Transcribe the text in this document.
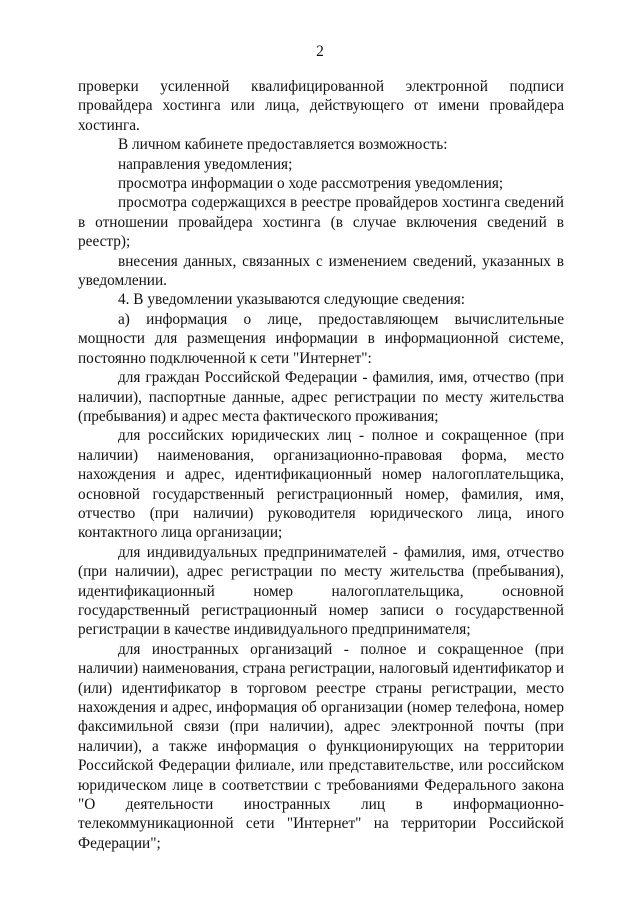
2

проверки усиленной квалифицированной электронной подписи провайдера хостинга или лица, действующего от имени провайдера хостинга.

В личном кабинете предоставляется возможность:

направления уведомления;

просмотра информации о ходе рассмотрения уведомления;

просмотра содержащихся в реестре провайдеров хостинга сведений в отношении провайдера хостинга (в случае включения сведений в реестр);

внесения данных, связанных с изменением сведений, указанных в уведомлении.

4. В уведомлении указываются следующие сведения:

а) информация о лице, предоставляющем вычислительные мощности для размещения информации в информационной системе, постоянно подключенной к сети "Интернет":

для граждан Российской Федерации - фамилия, имя, отчество (при наличии), паспортные данные, адрес регистрации по месту жительства (пребывания) и адрес места фактического проживания;

для российских юридических лиц - полное и сокращенное (при наличии) наименования, организационно-правовая форма, место нахождения и адрес, идентификационный номер налогоплательщика, основной государственный регистрационный номер, фамилия, имя, отчество (при наличии) руководителя юридического лица, иного контактного лица организации;

для индивидуальных предпринимателей - фамилия, имя, отчество (при наличии), адрес регистрации по месту жительства (пребывания), идентификационный номер налогоплательщика, основной государственный регистрационный номер записи о государственной регистрации в качестве индивидуального предпринимателя;

для иностранных организаций - полное и сокращенное (при наличии) наименования, страна регистрации, налоговый идентификатор и (или) идентификатор в торговом реестре страны регистрации, место нахождения и адрес, информация об организации (номер телефона, номер факсимильной связи (при наличии), адрес электронной почты (при наличии), а также информация о функционирующих на территории Российской Федерации филиале, или представительстве, или российском юридическом лице в соответствии с требованиями Федерального закона "О деятельности иностранных лиц в информационно-телекоммуникационной сети "Интернет" на территории Российской Федерации";
